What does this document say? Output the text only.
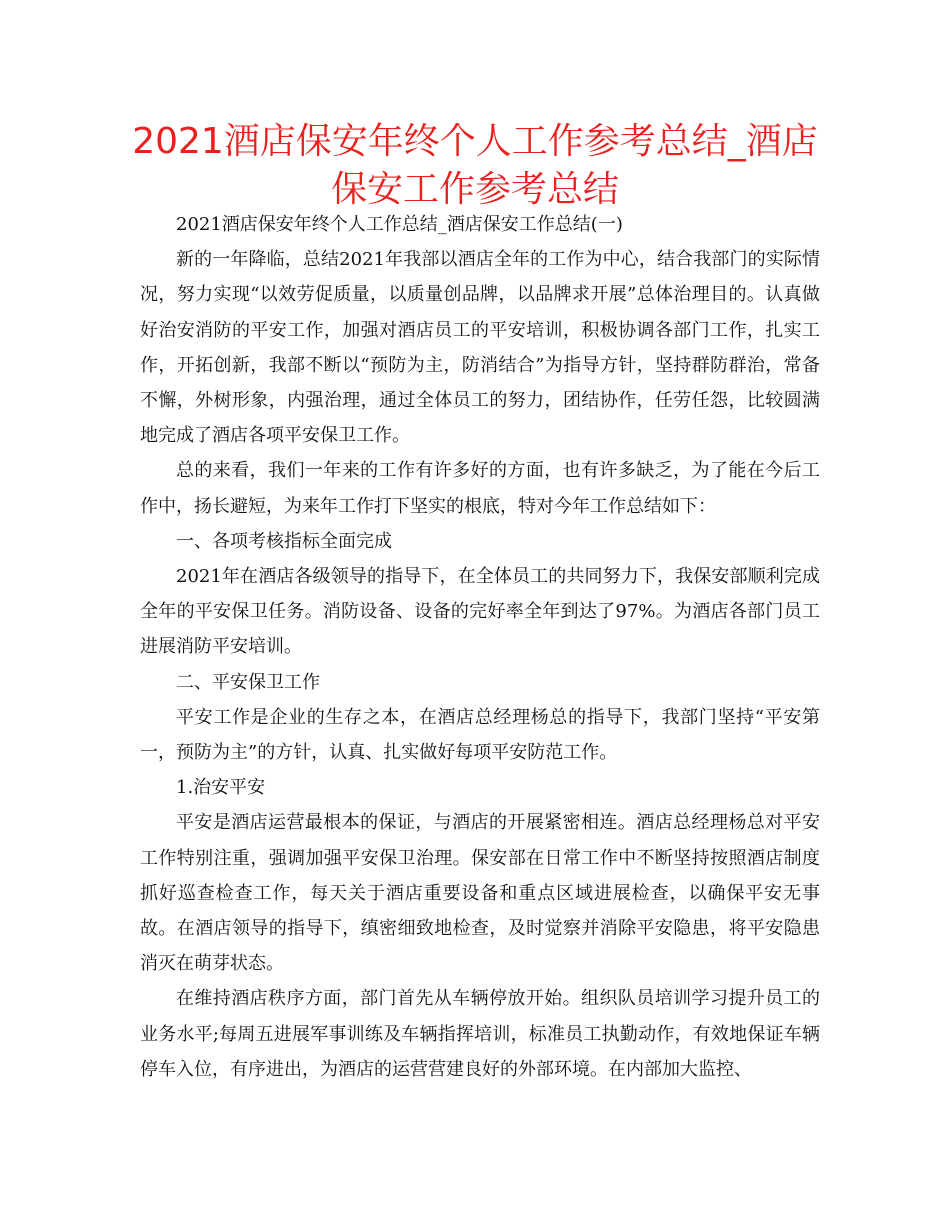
2021酒店保安年终个人工作参考总结_酒店保安工作参考总结

2021酒店保安年终个人工作总结_酒店保安工作总结(一)

新的一年降临，总结2021年我部以酒店全年的工作为中心，结合我部门的实际情况，努力实现“以效劳促质量，以质量创品牌，以品牌求开展”总体治理目的。认真做好治安消防的平安工作，加强对酒店员工的平安培训，积极协调各部门工作，扎实工作，开拓创新，我部不断以“预防为主，防消结合”为指导方针，坚持群防群治，常备不懈，外树形象，内强治理，通过全体员工的努力，团结协作，任劳任怨，比较圆满地完成了酒店各项平安保卫工作。

总的来看，我们一年来的工作有许多好的方面，也有许多缺乏，为了能在今后工作中，扬长避短，为来年工作打下坚实的根底，特对今年工作总结如下：

一、各项考核指标全面完成

2021年在酒店各级领导的指导下，在全体员工的共同努力下，我保安部顺利完成全年的平安保卫任务。消防设备、设备的完好率全年到达了97%。为酒店各部门员工进展消防平安培训。

二、平安保卫工作

平安工作是企业的生存之本，在酒店总经理杨总的指导下，我部门坚持“平安第一，预防为主”的方针，认真、扎实做好每项平安防范工作。

1.治安平安

平安是酒店运营最根本的保证，与酒店的开展紧密相连。酒店总经理杨总对平安工作特别注重，强调加强平安保卫治理。保安部在日常工作中不断坚持按照酒店制度抓好巡查检查工作，每天关于酒店重要设备和重点区域进展检查，以确保平安无事故。在酒店领导的指导下，缜密细致地检查，及时觉察并消除平安隐患，将平安隐患消灭在萌芽状态。

在维持酒店秩序方面，部门首先从车辆停放开始。组织队员培训学习提升员工的业务水平;每周五进展军事训练及车辆指挥培训，标准员工执勤动作，有效地保证车辆停车入位，有序进出，为酒店的运营营建良好的外部环境。在内部加大监控、
